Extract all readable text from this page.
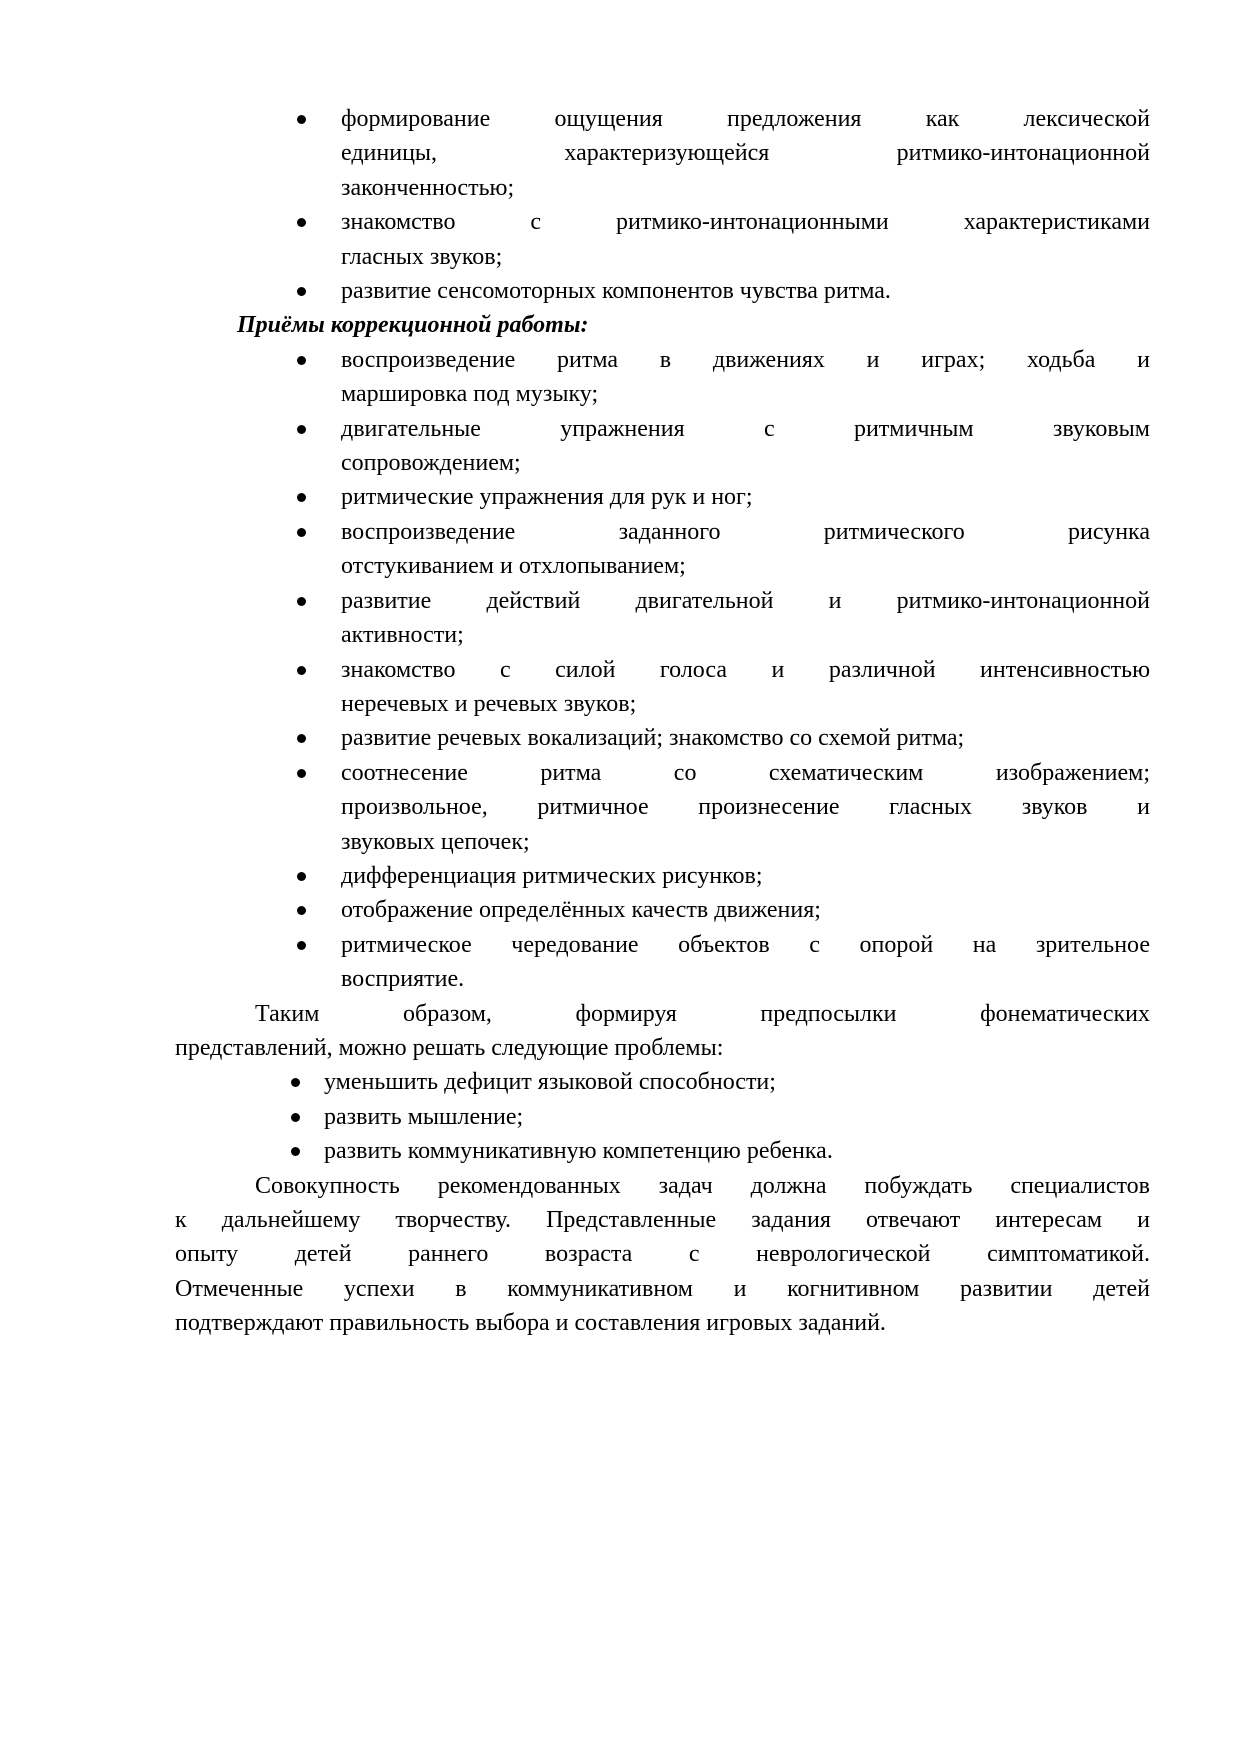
формирование ощущения предложения как лексической
единицы, характеризующейся ритмико-интонационной
законченностью;
знакомство с ритмико-интонационными характеристиками
гласных звуков;
развитие сенсомоторных компонентов чувства ритма.
Приёмы коррекционной работы:
воспроизведение ритма в движениях и играх; ходьба и
маршировка под музыку;
двигательные упражнения с ритмичным звуковым
сопровождением;
ритмические упражнения для рук и ног;
воспроизведение заданного ритмического рисунка
отстукиванием и отхлопыванием;
развитие действий двигательной и ритмико-интонационной
активности;
знакомство с силой голоса и различной интенсивностью
неречевых и речевых звуков;
развитие речевых вокализаций; знакомство со схемой ритма;
соотнесение ритма со схематическим изображением;
произвольное, ритмичное произнесение гласных звуков и
звуковых цепочек;
дифференциация ритмических рисунков;
отображение определённых качеств движения;
ритмическое чередование объектов с опорой на зрительное
восприятие.
Таким образом, формируя предпосылки фонематических
представлений, можно решать следующие проблемы:
уменьшить дефицит языковой способности;
развить мышление;
развить коммуникативную компетенцию ребенка.
Совокупность рекомендованных задач должна побуждать специалистов
к дальнейшему творчеству. Представленные задания отвечают интересам и
опыту детей раннего возраста с неврологической симптоматикой.
Отмеченные успехи в коммуникативном и когнитивном развитии детей
подтверждают правильность выбора и составления игровых заданий.
